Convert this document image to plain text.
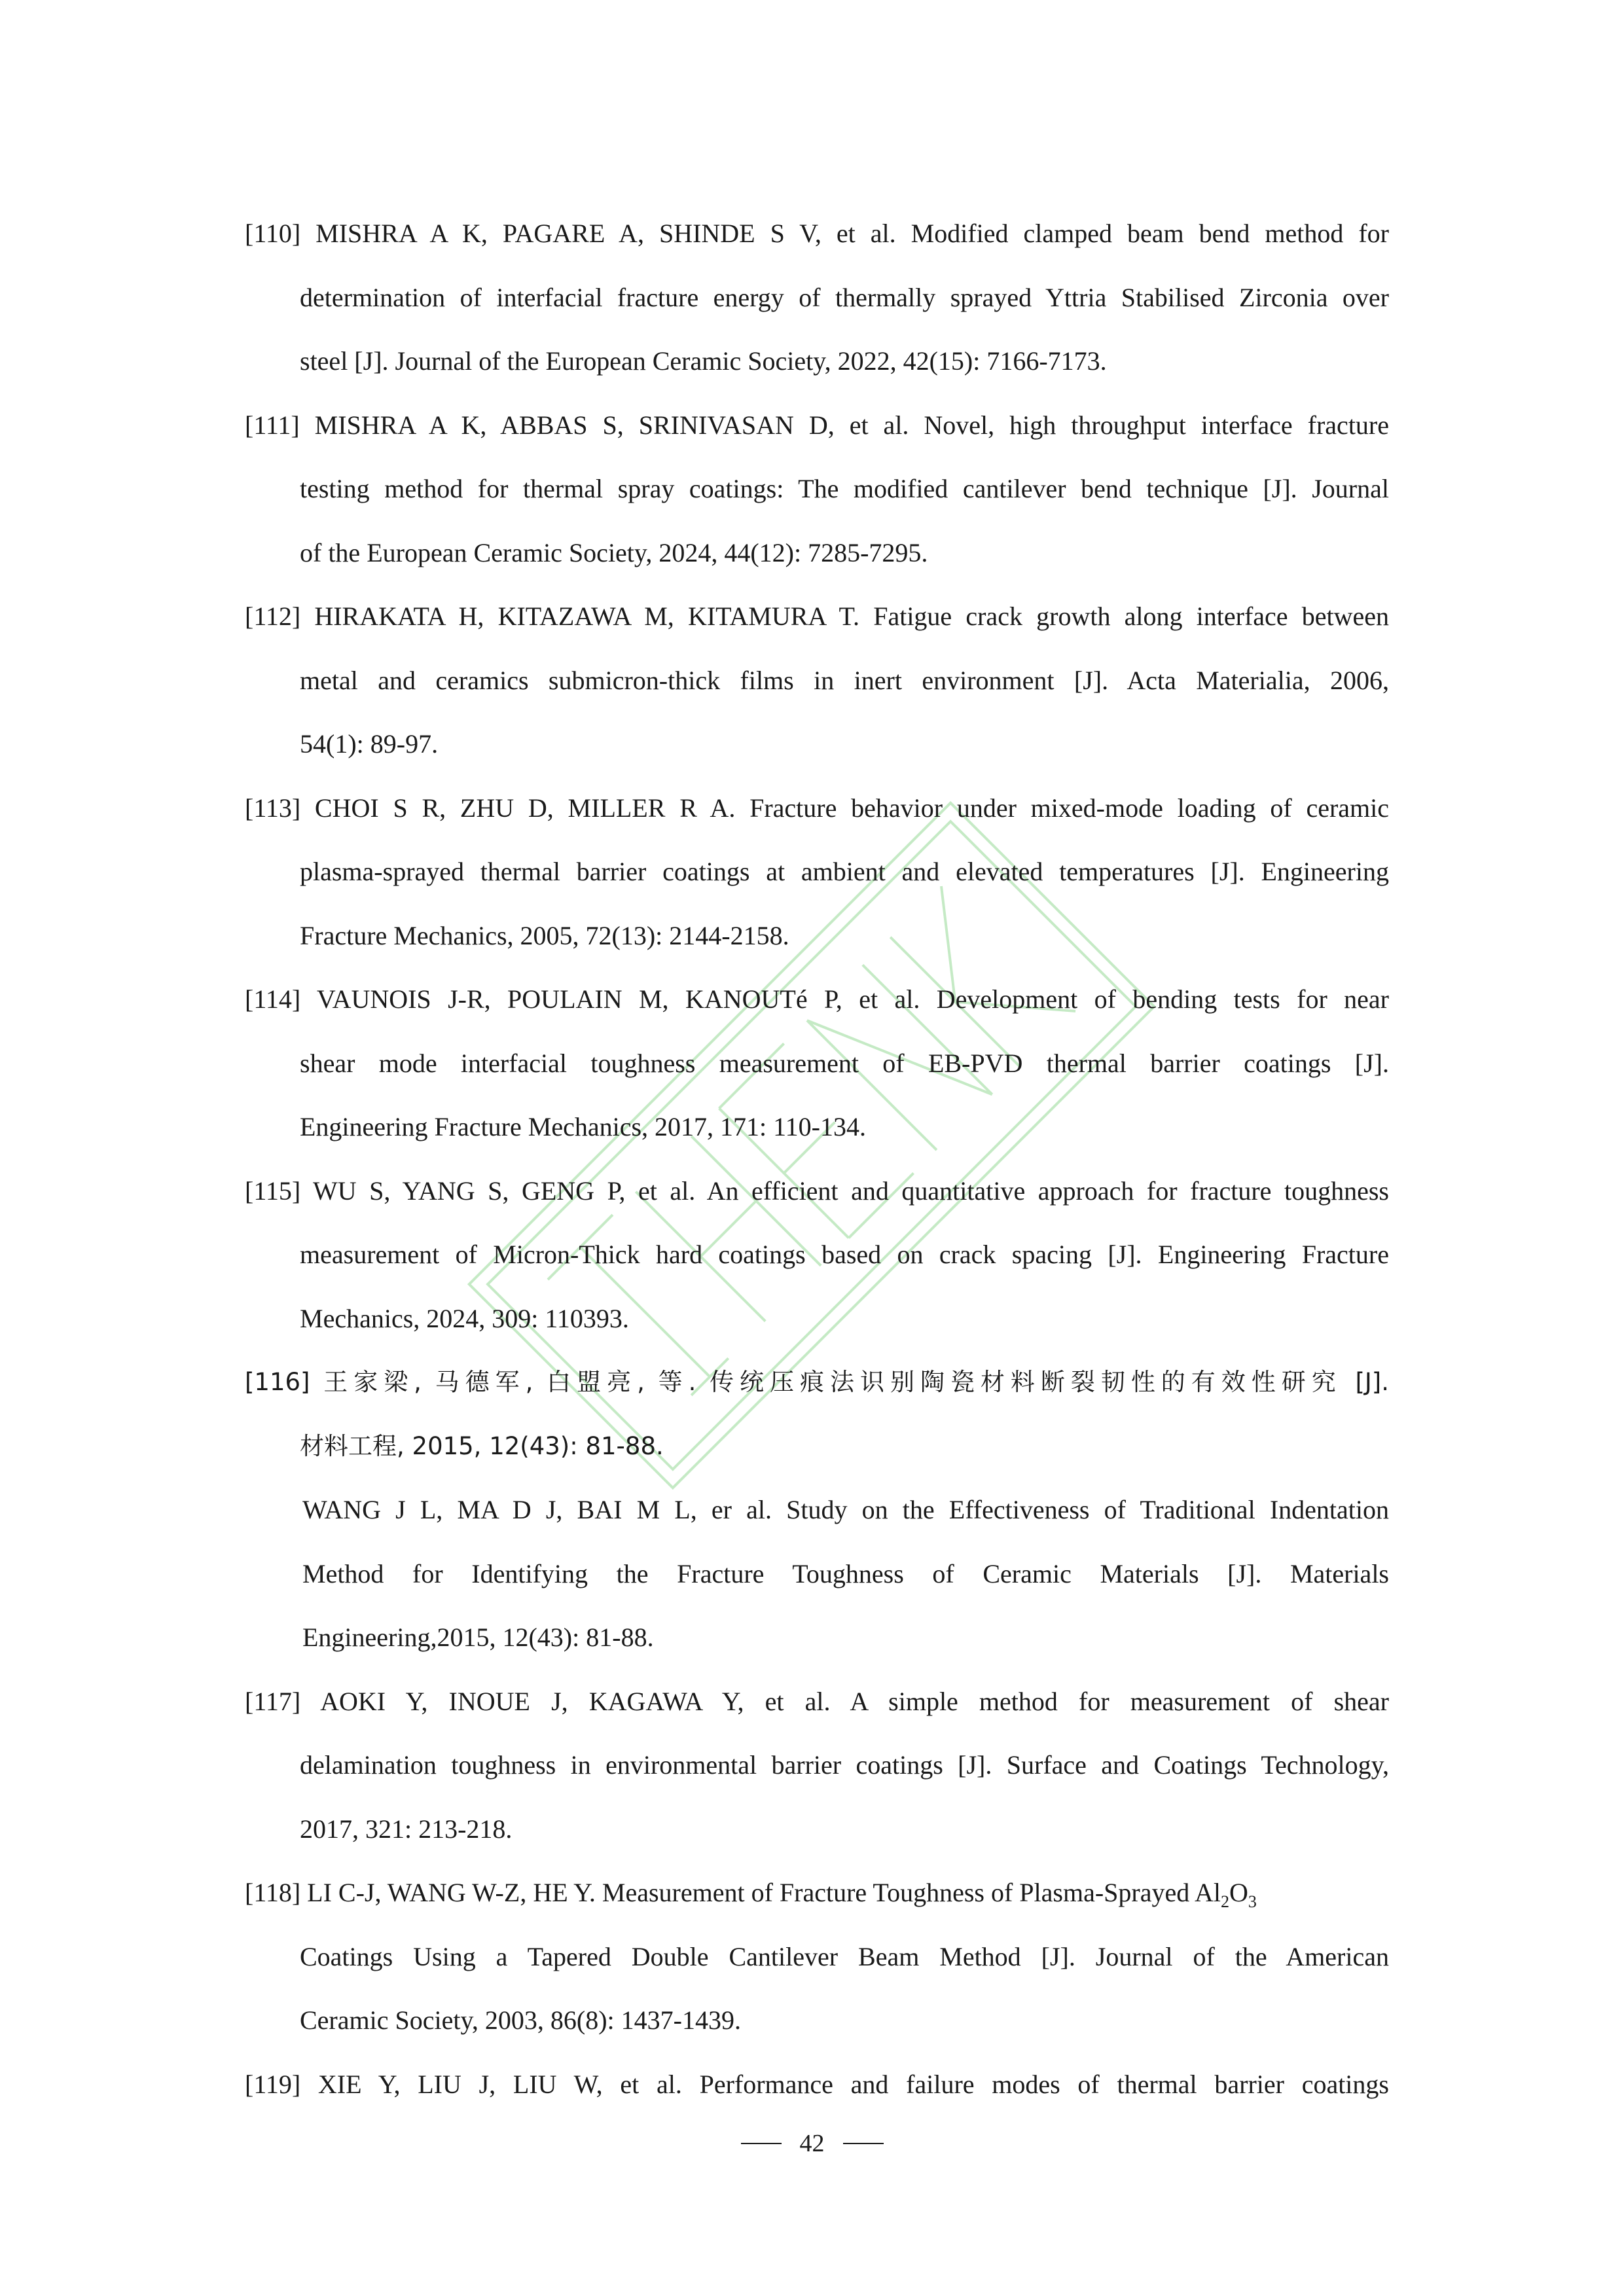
[110] MISHRA A K, PAGARE A, SHINDE S V, et al. Modified clamped beam bend method for
determination of interfacial fracture energy of thermally sprayed Yttria Stabilised Zirconia over
steel [J]. Journal of the European Ceramic Society, 2022, 42(15): 7166-7173.
[111] MISHRA A K, ABBAS S, SRINIVASAN D, et al. Novel, high throughput interface fracture
testing method for thermal spray coatings: The modified cantilever bend technique [J]. Journal
of the European Ceramic Society, 2024, 44(12): 7285-7295.
[112] HIRAKATA H, KITAZAWA M, KITAMURA T. Fatigue crack growth along interface between
metal and ceramics submicron-thick films in inert environment [J]. Acta Materialia, 2006,
54(1): 89-97.
[113] CHOI S R, ZHU D, MILLER R A. Fracture behavior under mixed-mode loading of ceramic
plasma-sprayed thermal barrier coatings at ambient and elevated temperatures [J]. Engineering
Fracture Mechanics, 2005, 72(13): 2144-2158.
[114] VAUNOIS J-R, POULAIN M, KANOUTé P, et al. Development of bending tests for near
shear mode interfacial toughness measurement of EB-PVD thermal barrier coatings [J].
Engineering Fracture Mechanics, 2017, 171: 110-134.
[115] WU S, YANG S, GENG P, et al. An efficient and quantitative approach for fracture toughness
measurement of Micron-Thick hard coatings based on crack spacing [J]. Engineering Fracture
Mechanics, 2024, 309: 110393.
[116] 王家梁, 马德军, 白盟亮, 等. 传统压痕法识别陶瓷材料断裂韧性的有效性研究 [J].
材料工程, 2015, 12(43): 81-88.
WANG J L, MA D J, BAI M L, er al. Study on the Effectiveness of Traditional Indentation
Method for Identifying the Fracture Toughness of Ceramic Materials [J]. Materials
Engineering,2015, 12(43): 81-88.
[117] AOKI Y, INOUE J, KAGAWA Y, et al. A simple method for measurement of shear
delamination toughness in environmental barrier coatings [J]. Surface and Coatings Technology,
2017, 321: 213-218.
[118] LI C-J, WANG W-Z, HE Y. Measurement of Fracture Toughness of Plasma-Sprayed $Al_2O_3$
Coatings Using a Tapered Double Cantilever Beam Method [J]. Journal of the American
Ceramic Society, 2003, 86(8): 1437-1439.
[119] XIE Y, LIU J, LIU W, et al. Performance and failure modes of thermal barrier coatings
42
